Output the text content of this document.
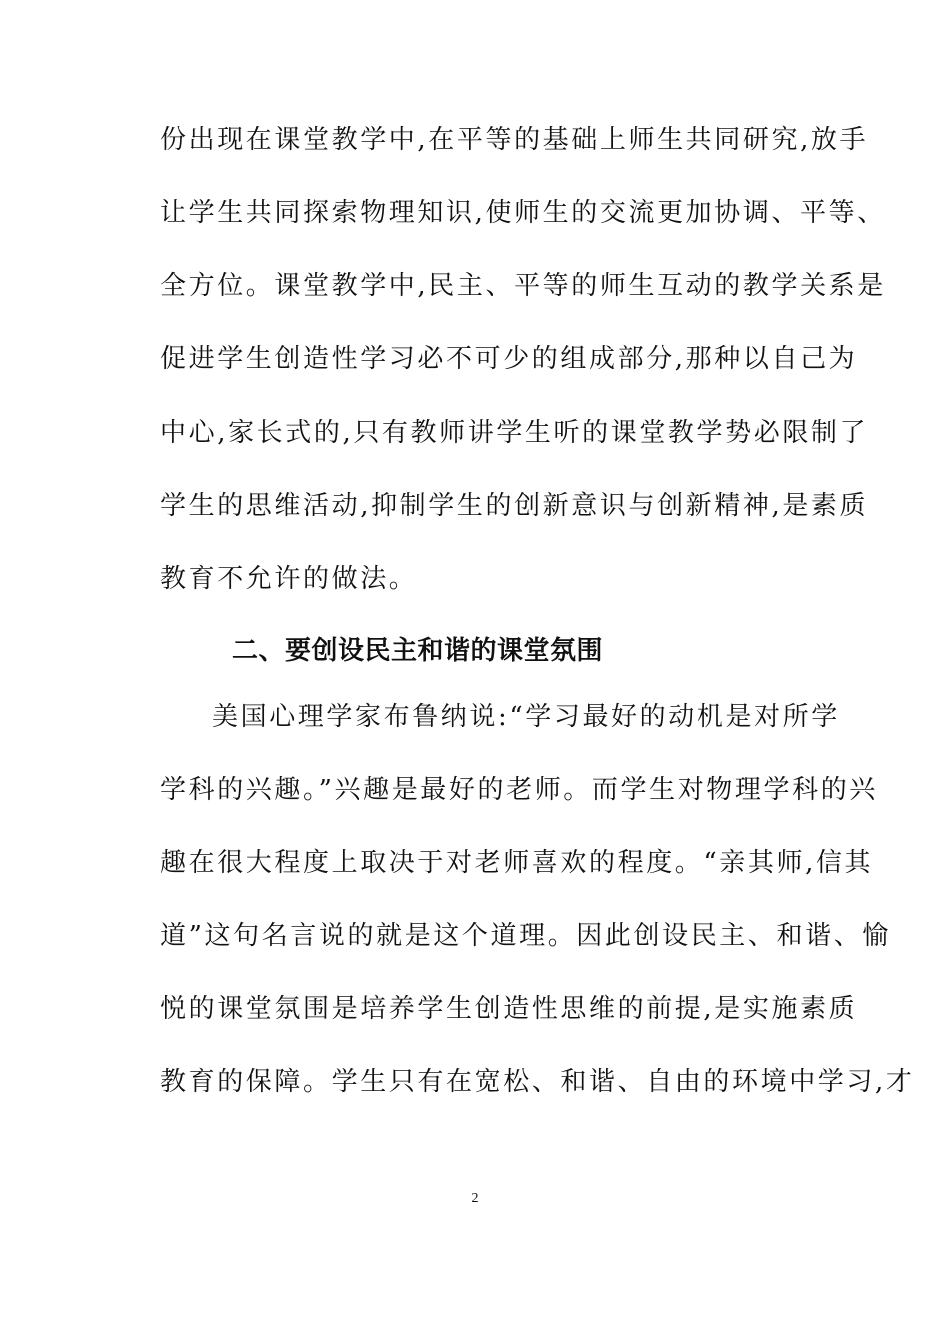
份出现在课堂教学中,在平等的基础上师生共同研究,放手
让学生共同探索物理知识,使师生的交流更加协调、平等、
全方位。课堂教学中,民主、平等的师生互动的教学关系是
促进学生创造性学习必不可少的组成部分,那种以自己为
中心,家长式的,只有教师讲学生听的课堂教学势必限制了
学生的思维活动,抑制学生的创新意识与创新精神,是素质
教育不允许的做法。
二、要创设民主和谐的课堂氛围
美国心理学家布鲁纳说:“学习最好的动机是对所学
学科的兴趣。”兴趣是最好的老师。而学生对物理学科的兴
趣在很大程度上取决于对老师喜欢的程度。“亲其师,信其
道”这句名言说的就是这个道理。因此创设民主、和谐、愉
悦的课堂氛围是培养学生创造性思维的前提,是实施素质
教育的保障。学生只有在宽松、和谐、自由的环境中学习,才
2
